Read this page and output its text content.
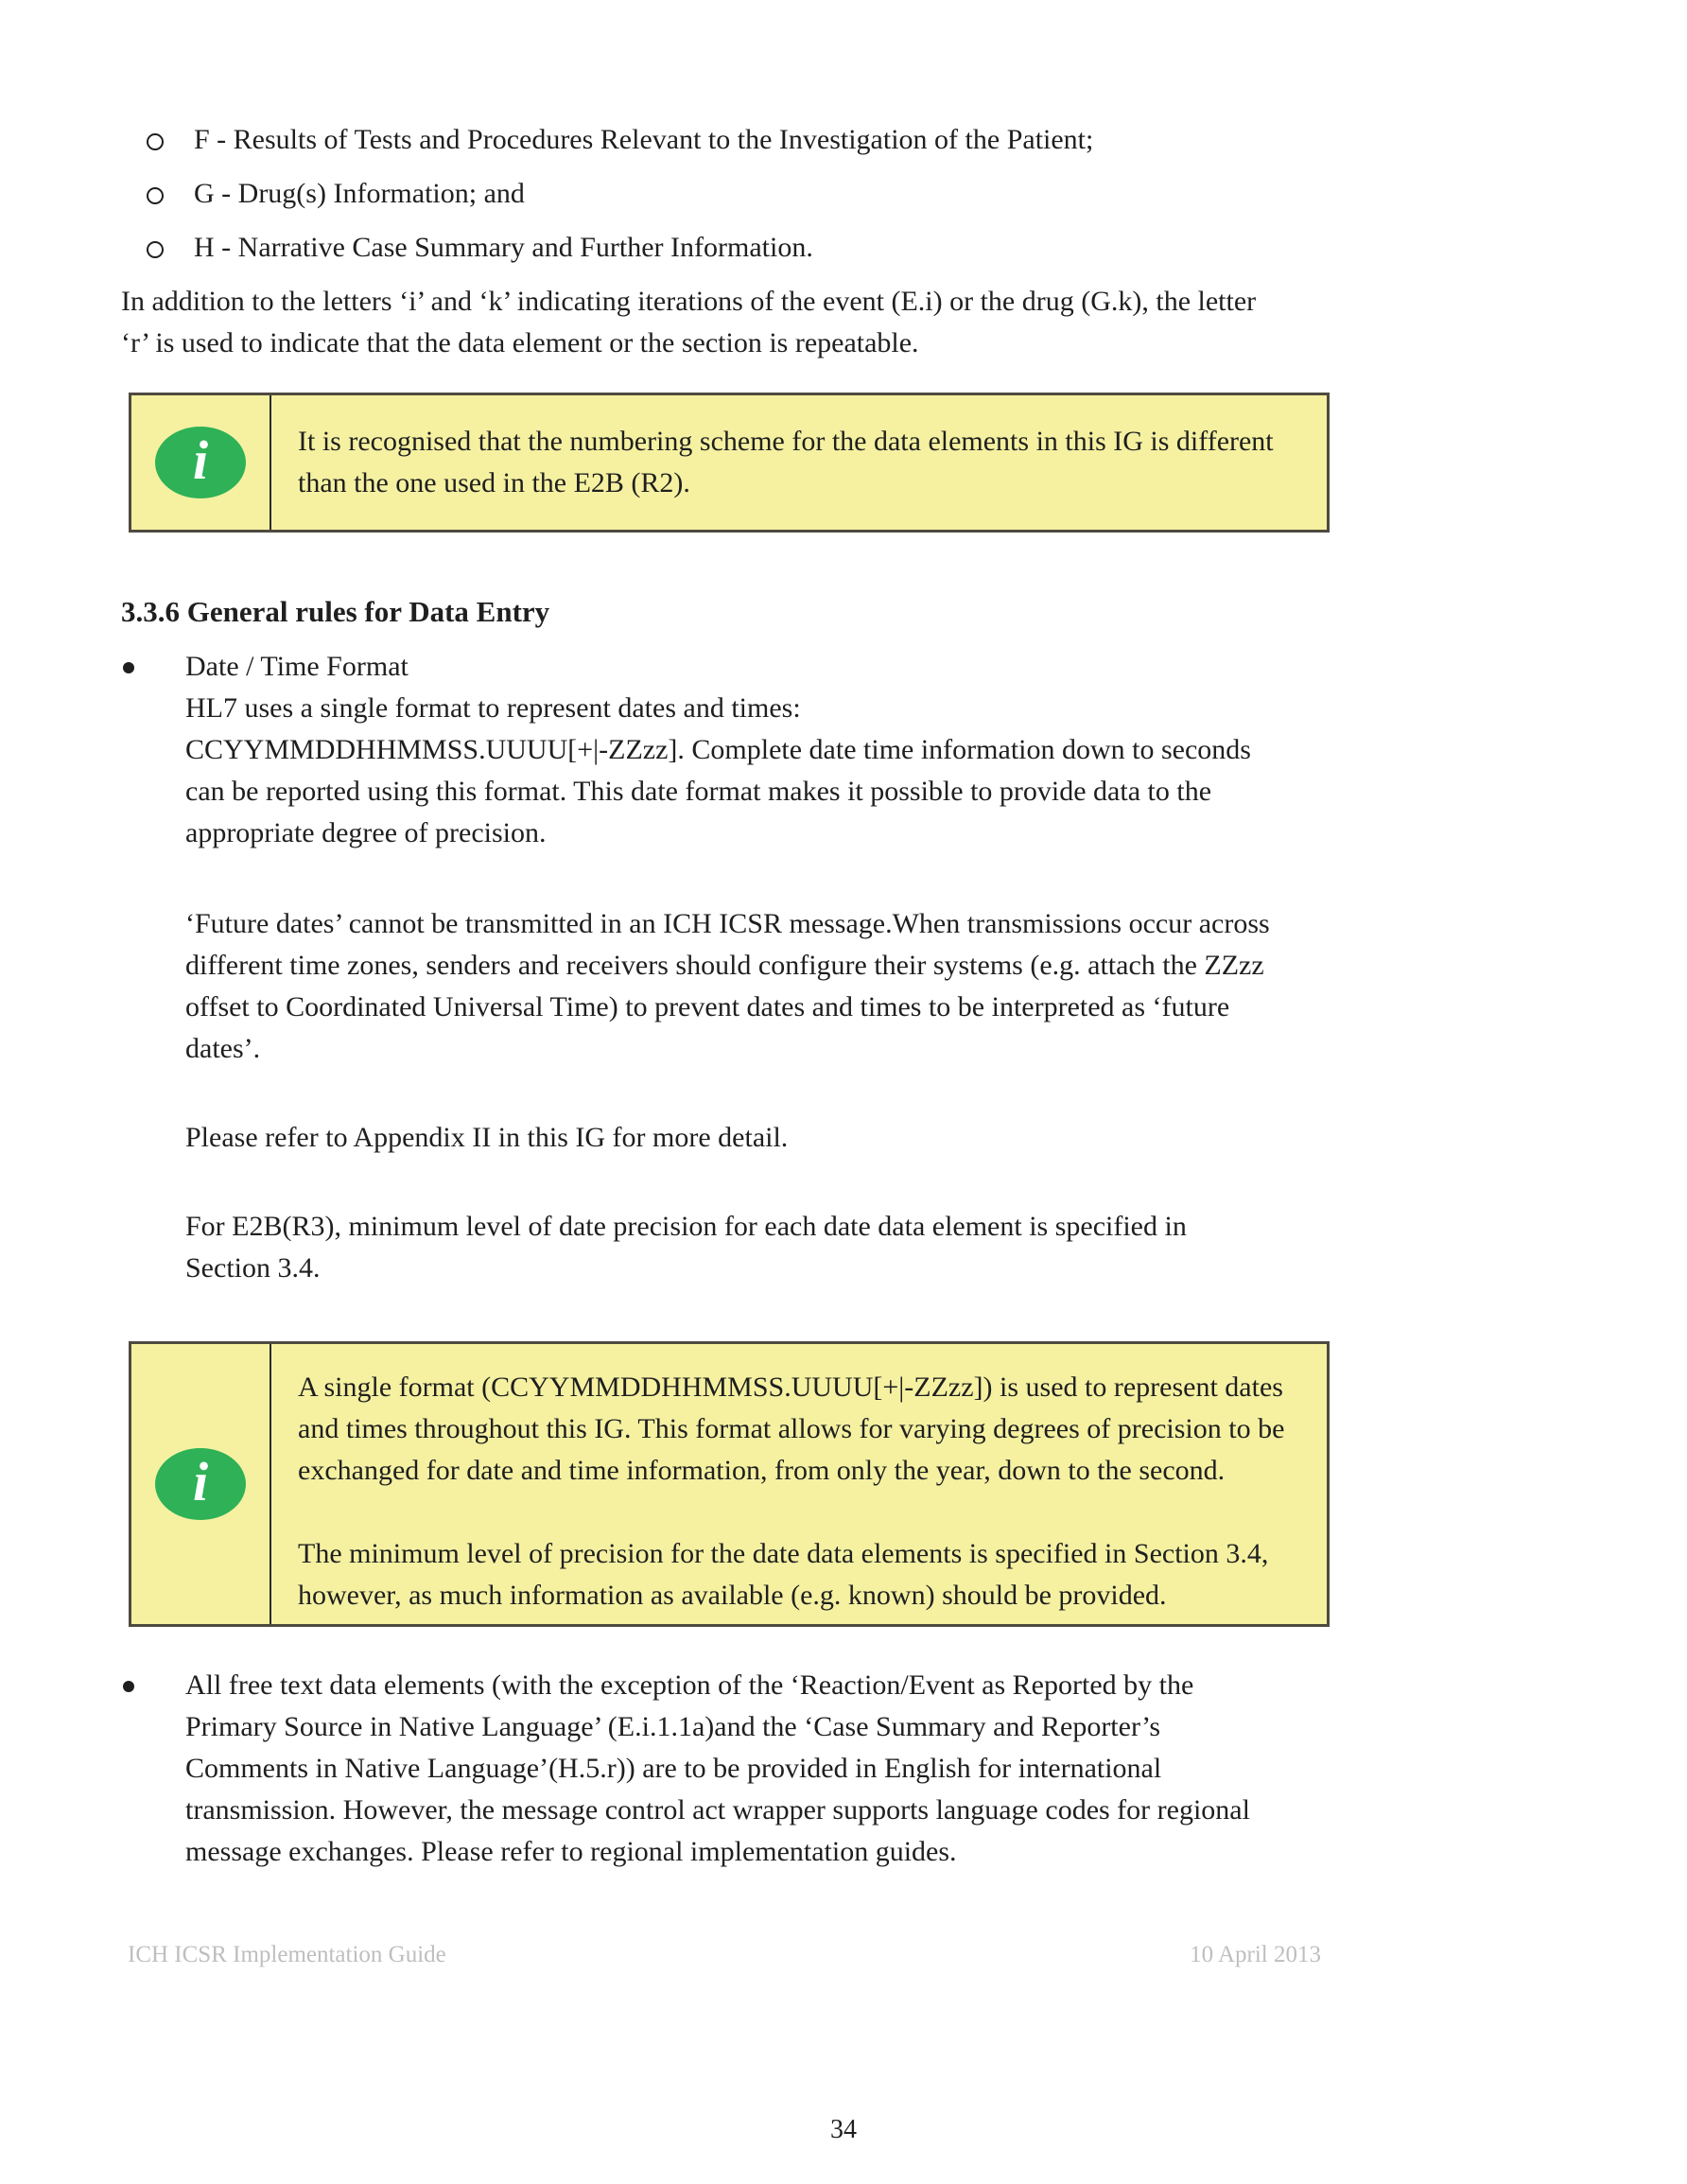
F - Results of Tests and Procedures Relevant to the Investigation of the Patient;
G - Drug(s) Information; and
H - Narrative Case Summary and Further Information.

In addition to the letters ‘i’ and ‘k’ indicating iterations of the event (E.i) or the drug (G.k), the letter ‘r’ is used to indicate that the data element or the section is repeatable.

i	It is recognised that the numbering scheme for the data elements in this IG is different than the one used in the E2B (R2).

3.3.6 General rules for Data Entry
Date / Time Format

HL7 uses a single format to represent dates and times:

CCYYMMDDHHMMSS.UUUU[+|-ZZzz]. Complete date time information down to seconds can be reported using this format. This date format makes it possible to provide data to the appropriate degree of precision.

‘Future dates’ cannot be transmitted in an ICH ICSR message.When transmissions occur across different time zones, senders and receivers should configure their systems (e.g. attach the ZZzz offset to Coordinated Universal Time) to prevent dates and times to be interpreted as ‘future dates’.

Please refer to Appendix II in this IG for more detail.

For E2B(R3), minimum level of date precision for each date data element is specified in Section 3.4.

i

A single format (CCYYMMDDHHMMSS.UUUU[+|-ZZzz]) is used to represent dates and times throughout this IG. This format allows for varying degrees of precision to be exchanged for date and time information, from only the year, down to the second.

The minimum level of precision for the date data elements is specified in Section 3.4, however, as much information as available (e.g. known) should be provided.

All free text data elements (with the exception of the ‘Reaction/Event as Reported by the Primary Source in Native Language’ (E.i.1.1a)and the ‘Case Summary and Reporter’s Comments in Native Language’(H.5.r)) are to be provided in English for international transmission. However, the message control act wrapper supports language codes for regional message exchanges. Please refer to regional implementation guides.
ICH ICSR Implementation Guide	10 April 2013
34
